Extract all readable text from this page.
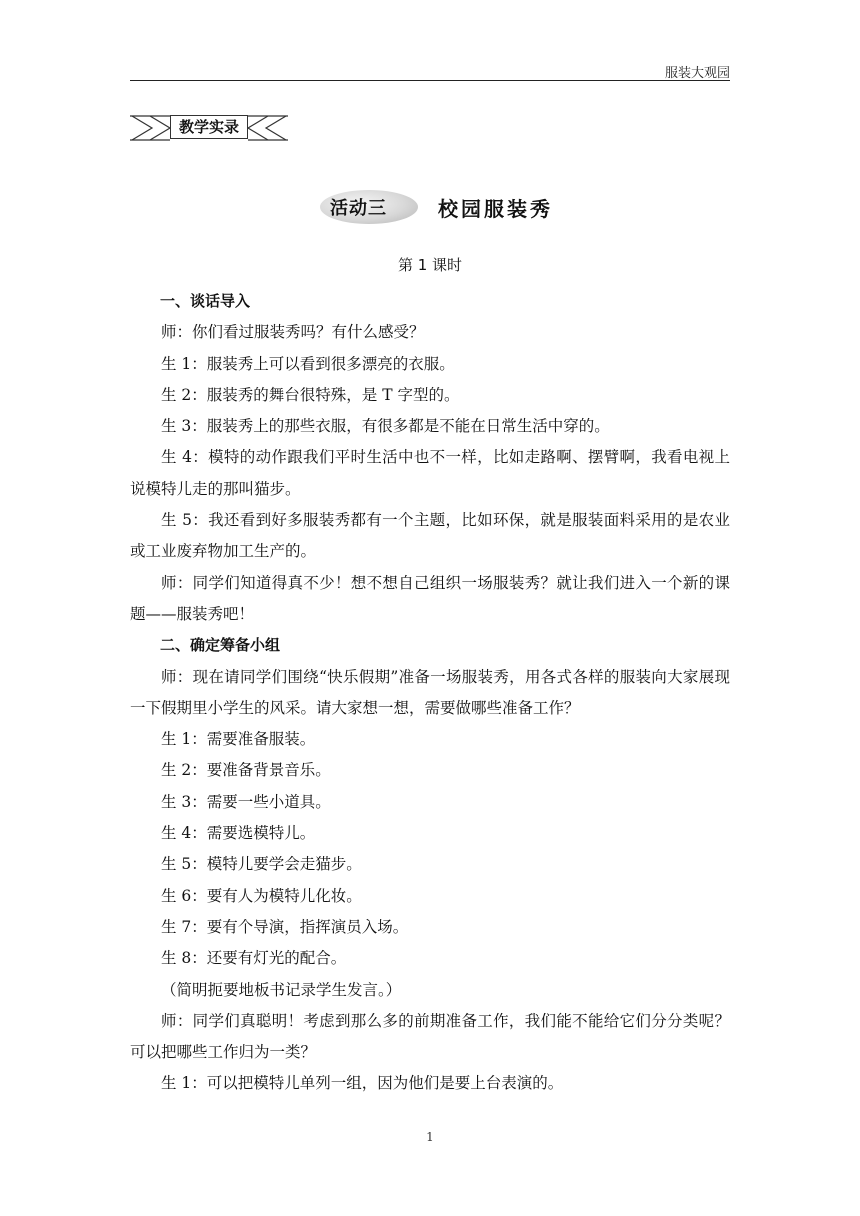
服装大观园
教学实录
活动三	校园服装秀
第 1 课时

一、谈话导入

师：你们看过服装秀吗？有什么感受？

生 1：服装秀上可以看到很多漂亮的衣服。

生 2：服装秀的舞台很特殊，是 T 字型的。

生 3：服装秀上的那些衣服，有很多都是不能在日常生活中穿的。

生 4：模特的动作跟我们平时生活中也不一样，比如走路啊、摆臂啊，我看电视上说模特儿走的那叫猫步。

生 5：我还看到好多服装秀都有一个主题，比如环保，就是服装面料采用的是农业或工业废弃物加工生产的。

师：同学们知道得真不少！想不想自己组织一场服装秀？就让我们进入一个新的课题——服装秀吧！

二、确定筹备小组

师：现在请同学们围绕“快乐假期”准备一场服装秀，用各式各样的服装向大家展现一下假期里小学生的风采。请大家想一想，需要做哪些准备工作？

生 1：需要准备服装。

生 2：要准备背景音乐。

生 3：需要一些小道具。

生 4：需要选模特儿。

生 5：模特儿要学会走猫步。

生 6：要有人为模特儿化妆。

生 7：要有个导演，指挥演员入场。

生 8：还要有灯光的配合。

（简明扼要地板书记录学生发言。）

师：同学们真聪明！考虑到那么多的前期准备工作，我们能不能给它们分分类呢？可以把哪些工作归为一类？

生 1：可以把模特儿单列一组，因为他们是要上台表演的。

1
